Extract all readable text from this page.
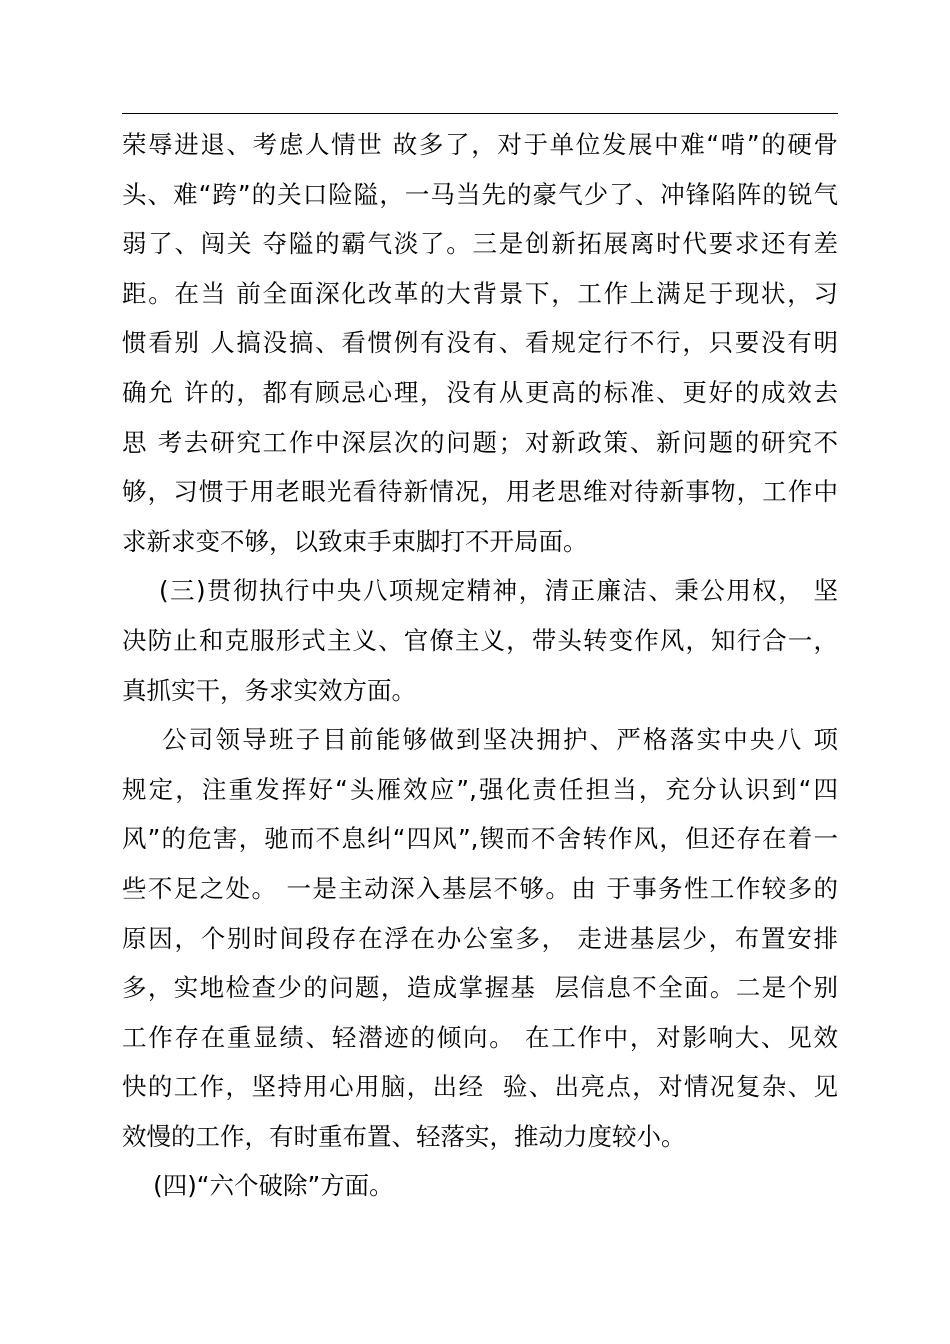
荣辱进退、考虑人情世 故多了，对于单位发展中难“啃”的硬骨
头、难“跨”的关口险隘，一马当先的豪气少了、冲锋陷阵的锐气
弱了、闯关 夺隘的霸气淡了。三是创新拓展离时代要求还有差
距。在当 前全面深化改革的大背景下，工作上满足于现状，习
惯看别 人搞没搞、看惯例有没有、看规定行不行，只要没有明
确允 许的，都有顾忌心理，没有从更高的标准、更好的成效去
思 考去研究工作中深层次的问题；对新政策、新问题的研究不
够，习惯于用老眼光看待新情况，用老思维对待新事物，工作中
求新求变不够，以致束手束脚打不开局面。
(三)贯彻执行中央八项规定精神，清正廉洁、秉公用权， 坚
决防止和克服形式主义、官僚主义，带头转变作风，知行合一，
真抓实干，务求实效方面。
公司领导班子目前能够做到坚决拥护、严格落实中央八 项
规定，注重发挥好“头雁效应”,强化责任担当，充分认识到“四
风”的危害，驰而不息纠“四风”,锲而不舍转作风，但还存在着一
些不足之处。 一是主动深入基层不够。由 于事务性工作较多的
原因，个别时间段存在浮在办公室多， 走进基层少，布置安排
多，实地检查少的问题，造成掌握基  层信息不全面。二是个别
工作存在重显绩、轻潜迹的倾向。 在工作中，对影响大、见效
快的工作，坚持用心用脑，出经  验、出亮点，对情况复杂、见
效慢的工作，有时重布置、轻落实，推动力度较小。
(四)“六个破除”方面。
